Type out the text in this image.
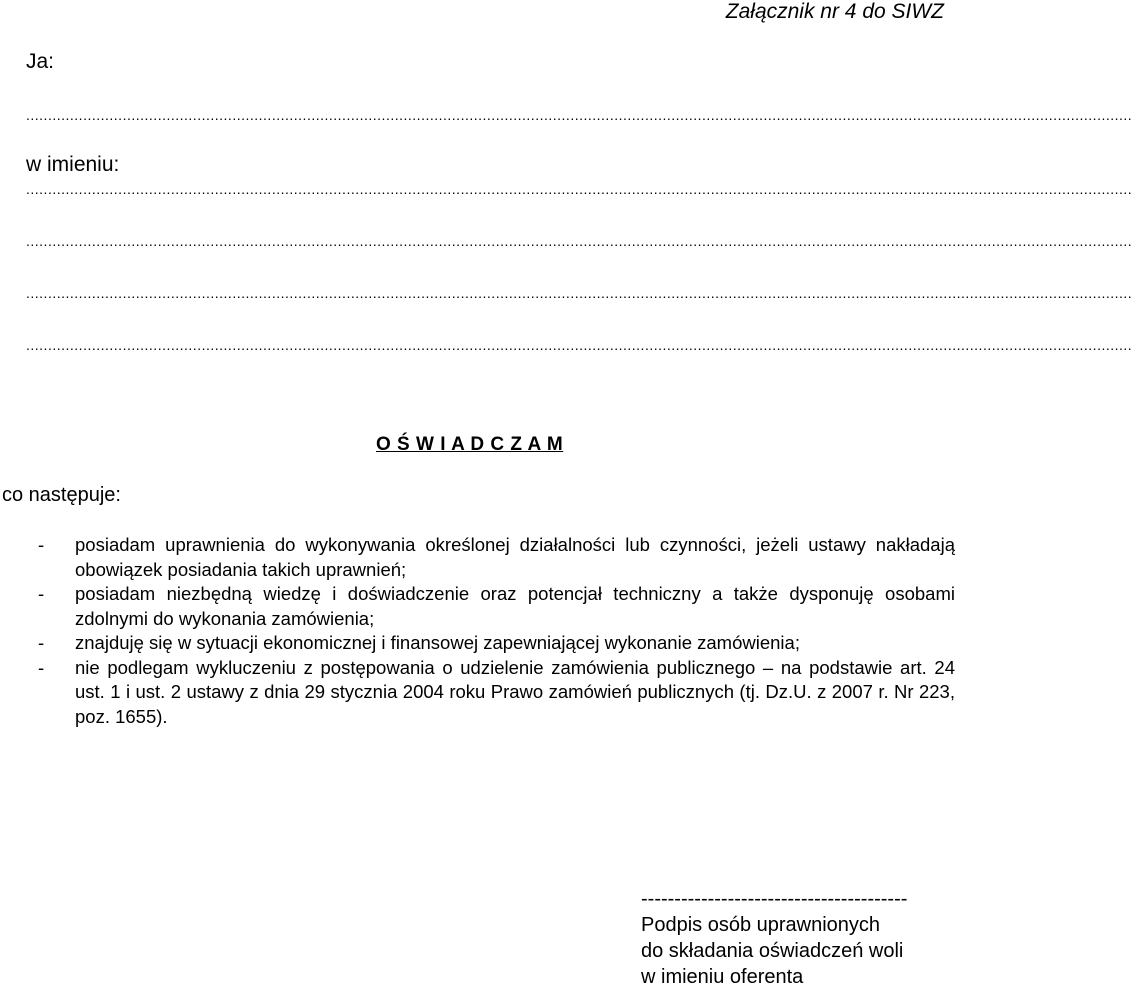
Załącznik nr 4 do SIWZ
Ja:
............................................................................................................................................................................................................................................................
w imieniu:
............................................................................................................................................................................................................................................................
............................................................................................................................................................................................................................................................
............................................................................................................................................................................................................................................................
............................................................................................................................................................................................................................................................
O Ś W I A D C Z A M
co następuje:
- posiadam uprawnienia do wykonywania określonej działalności lub czynności, jeżeli ustawy nakładają obowiązek posiadania takich uprawnień;
- posiadam niezbędną wiedzę i doświadczenie oraz potencjał techniczny a także dysponuję osobami zdolnymi do wykonania zamówienia;
- znajduję się w sytuacji ekonomicznej i finansowej zapewniającej wykonanie zamówienia;
- nie podlegam wykluczeniu z postępowania o udzielenie zamówienia publicznego – na podstawie art. 24 ust. 1 i ust. 2 ustawy z dnia 29 stycznia 2004 roku Prawo zamówień publicznych (tj. Dz.U. z 2007 r. Nr 223, poz. 1655).
----------------------------------------
Podpis osób uprawnionych
do składania oświadczeń woli
w imieniu oferenta
